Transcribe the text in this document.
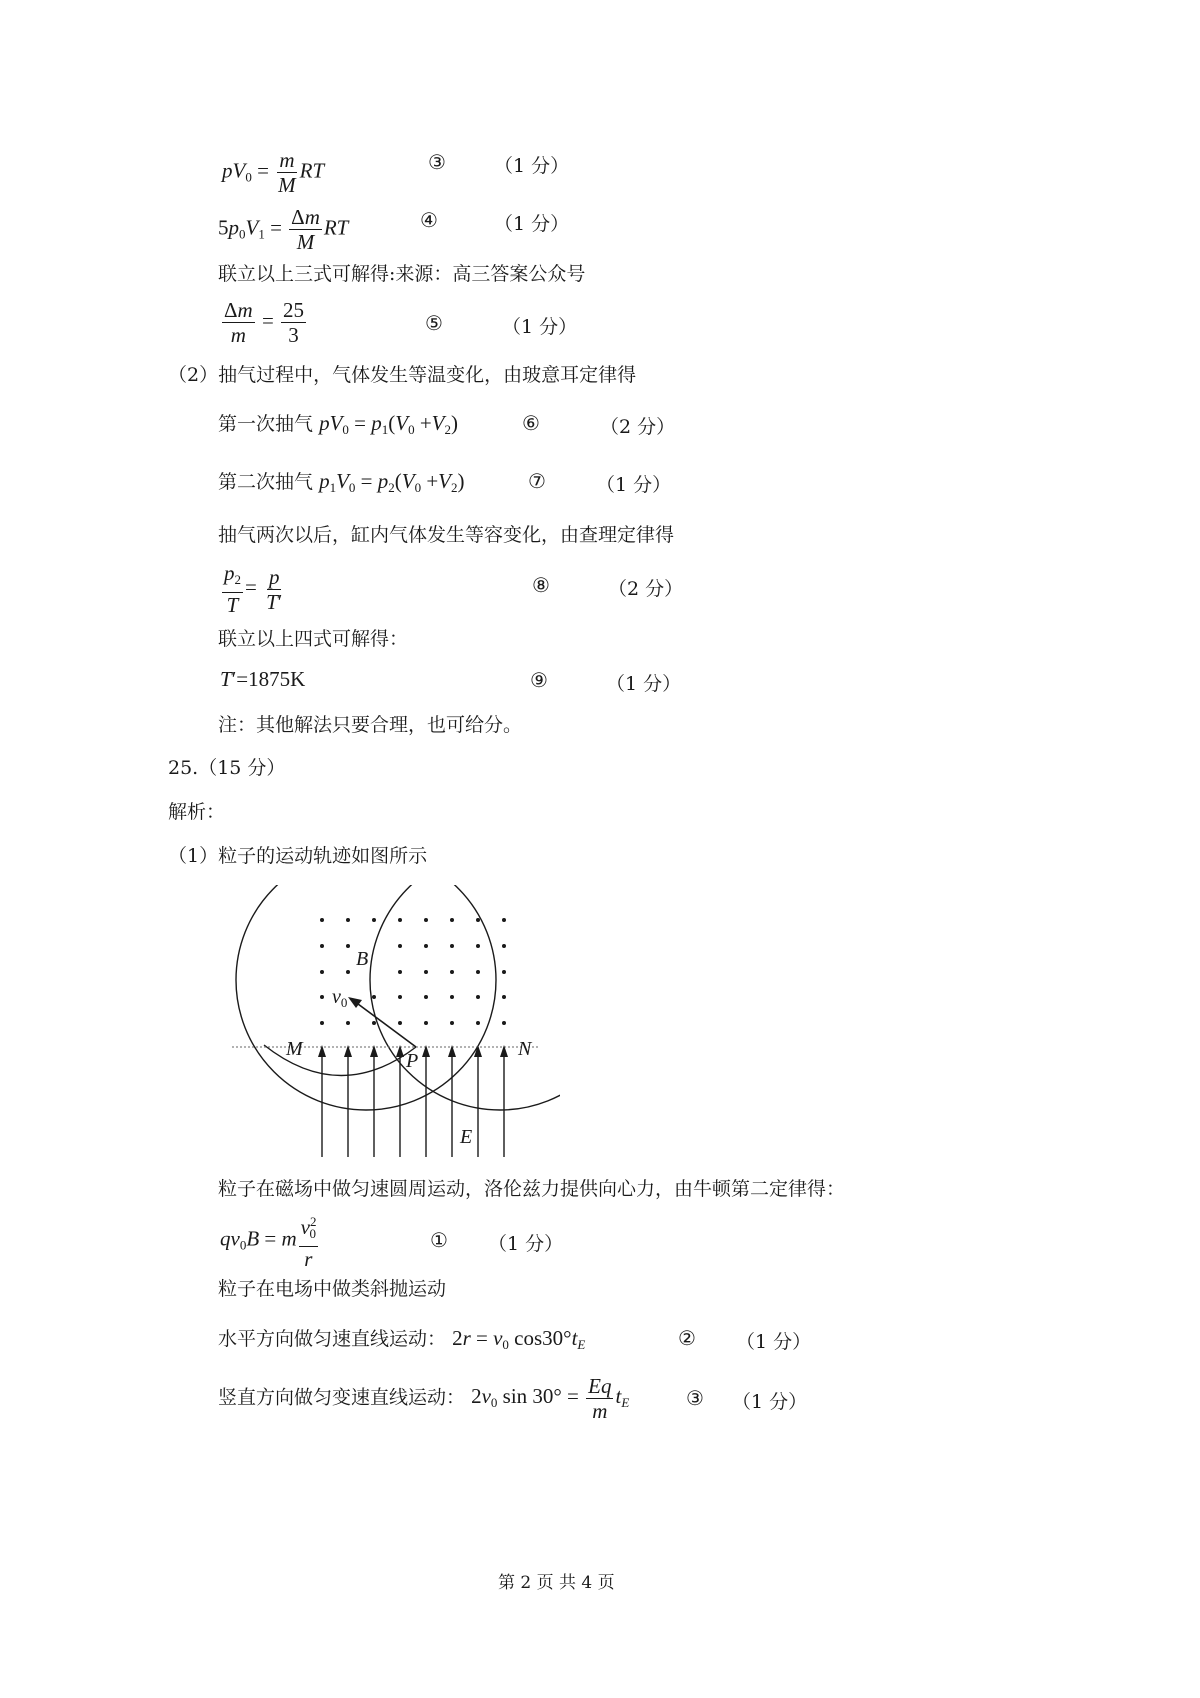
$pV_0 = \frac{m}{M}$ RT	③	（1 分）
$5p_0V_1 = \frac{\Delta m}{M}$ RT	④	（1 分）
联立以上三式可解得:来源：高三答案公众号
$\frac{\Delta m}{m} = \frac{25}{3}$	⑤	（1 分）
（2）抽气过程中，气体发生等温变化，由玻意耳定律得
第一次抽气 $pV_0 = p_1(V_0 +V_2)$	⑥	（2 分）
第二次抽气 $p_1V_0 = p_2(V_0 +V_2)$	⑦	（1 分）
抽气两次以后，缸内气体发生等容变化，由查理定律得
$\frac{p_2}{T} = \frac{p}{T'}$	⑧	（2 分）
联立以上四式可解得：
T′=1875K	⑨	（1 分）
注：其他解法只要合理，也可给分。
25.（15 分）
解析：
（1）粒子的运动轨迹如图所示
B
$v_0$
M
P
N
E
粒子在磁场中做匀速圆周运动，洛伦兹力提供向心力，由牛顿第二定律得：
$qv_0B = m \frac{v^2_0}{r}$	① （1 分）
粒子在电场中做类斜抛运动
水平方向做匀速直线运动： $2r = v_0$ $\cos 30^\circ t_E$	② （1 分）
竖直方向做匀变速直线运动： $2v_0$ $\sin 30^\circ = \frac{Eq}{m} t_E$	③ （1 分）
第 2 页 共 4 页
